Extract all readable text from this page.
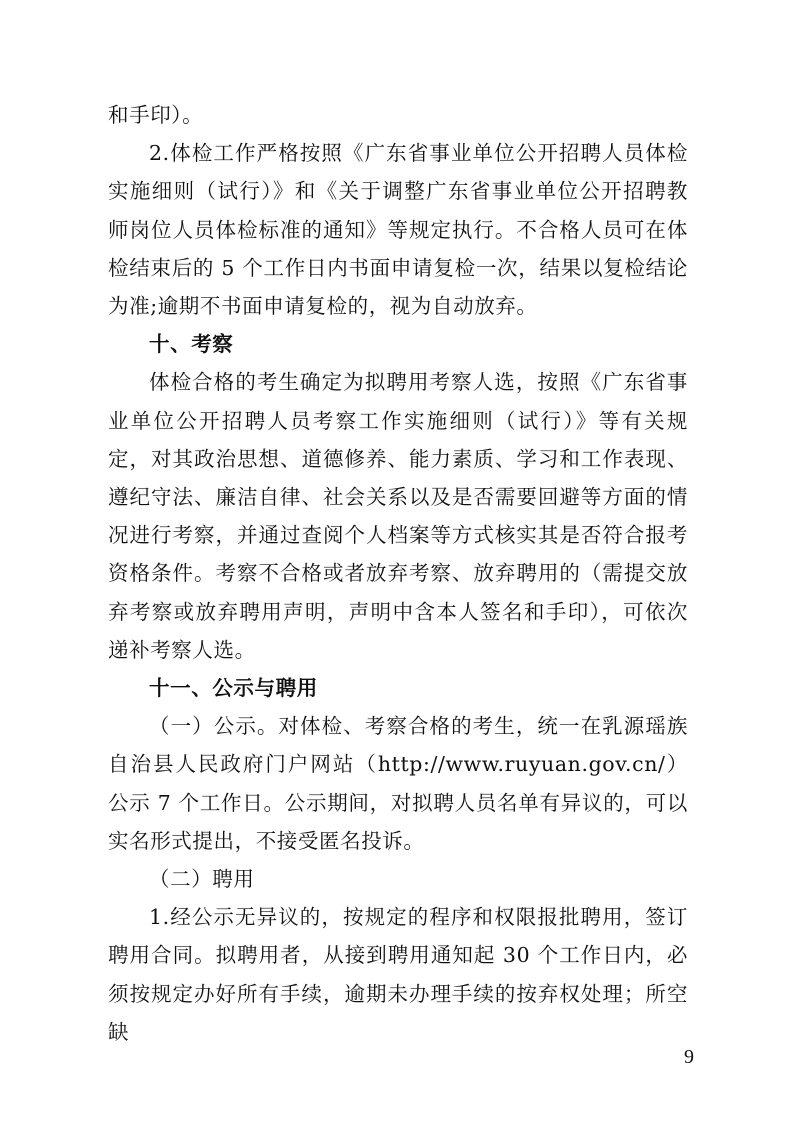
和手印）。

2.体检工作严格按照《广东省事业单位公开招聘人员体检实施细则（试行）》和《关于调整广东省事业单位公开招聘教师岗位人员体检标准的通知》等规定执行。不合格人员可在体检结束后的 5 个工作日内书面申请复检一次，结果以复检结论为准;逾期不书面申请复检的，视为自动放弃。

十、考察

体检合格的考生确定为拟聘用考察人选，按照《广东省事业单位公开招聘人员考察工作实施细则（试行）》等有关规定，对其政治思想、道德修养、能力素质、学习和工作表现、遵纪守法、廉洁自律、社会关系以及是否需要回避等方面的情况进行考察，并通过查阅个人档案等方式核实其是否符合报考资格条件。考察不合格或者放弃考察、放弃聘用的（需提交放弃考察或放弃聘用声明，声明中含本人签名和手印），可依次递补考察人选。

十一、公示与聘用

（一）公示。对体检、考察合格的考生，统一在乳源瑶族自治县人民政府门户网站（http://www.ruyuan.gov.cn/）公示 7 个工作日。公示期间，对拟聘人员名单有异议的，可以实名形式提出，不接受匿名投诉。

（二）聘用

1.经公示无异议的，按规定的程序和权限报批聘用，签订聘用合同。拟聘用者，从接到聘用通知起 30 个工作日内，必须按规定办好所有手续，逾期未办理手续的按弃权处理；所空缺

9
